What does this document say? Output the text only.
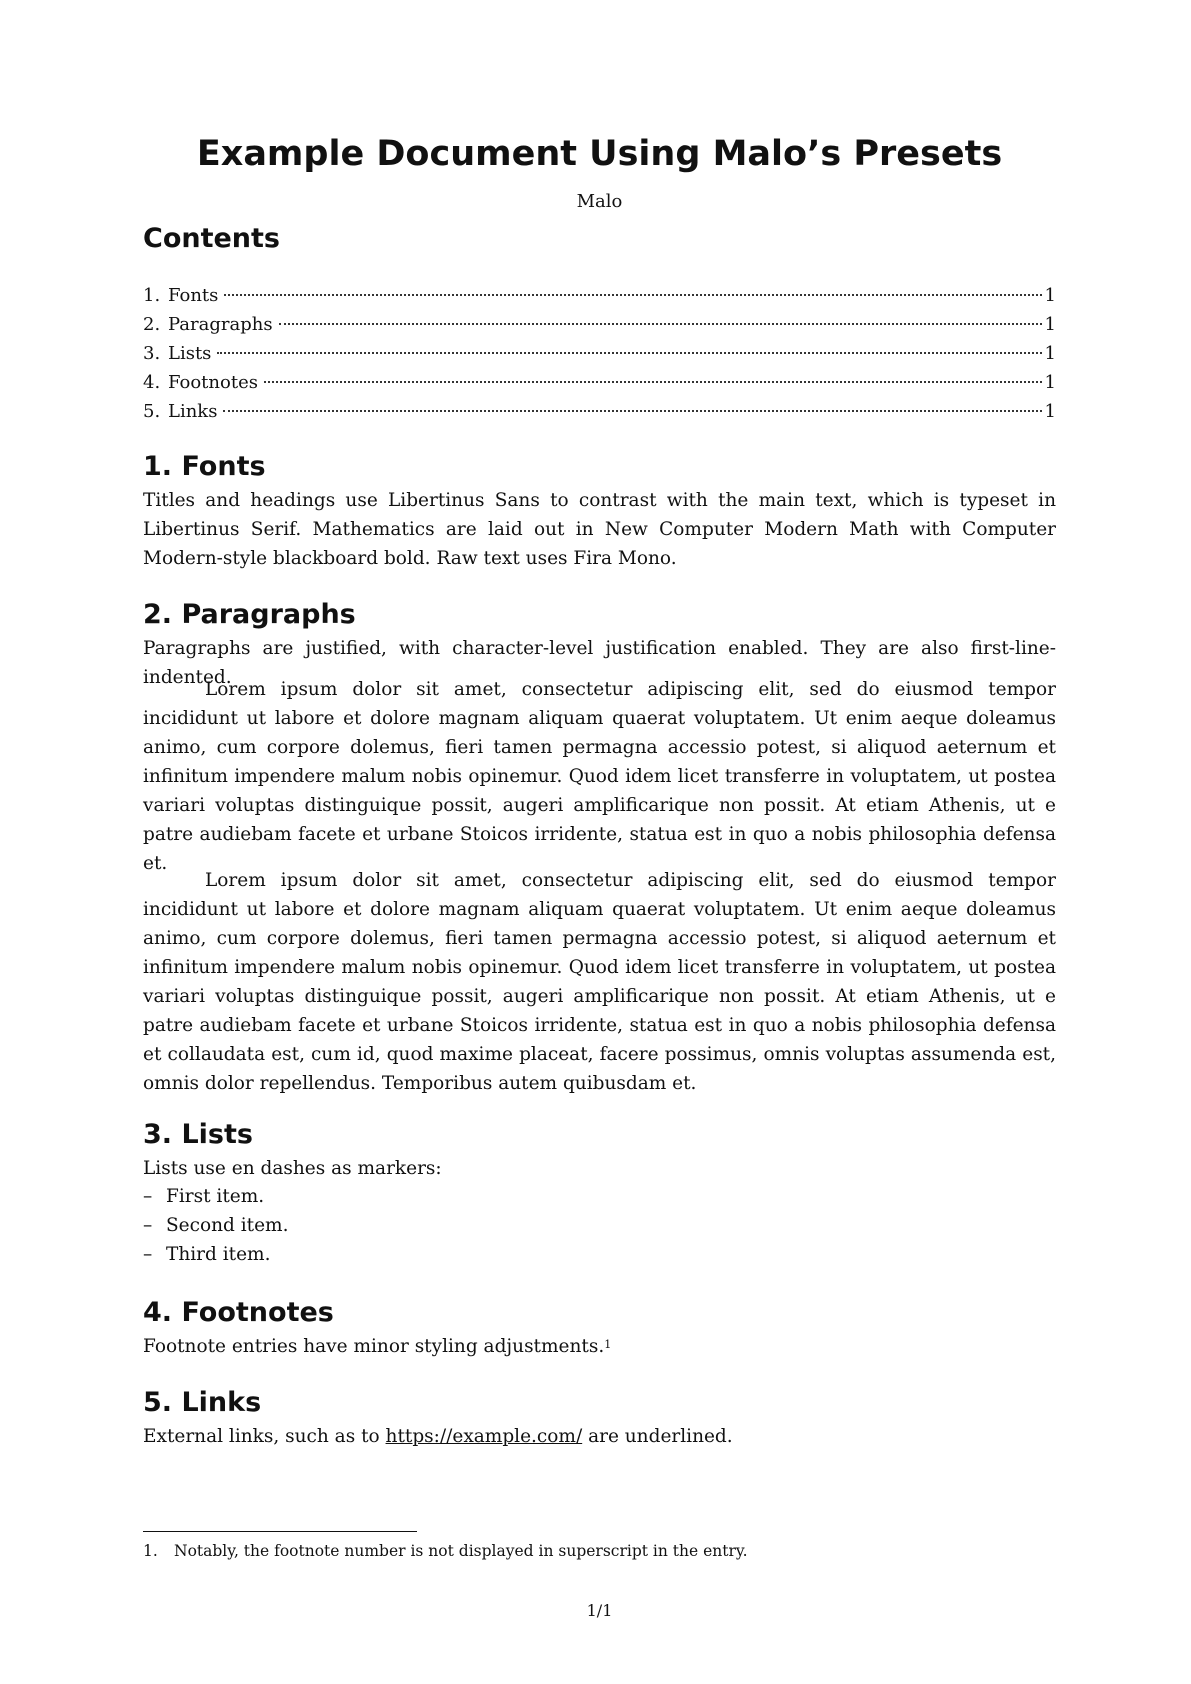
Example Document Using Malo’s Presets
Malo
Contents
1. Fonts	1
2. Paragraphs	1
3. Lists	1
4. Footnotes	1
5. Links	1
1. Fonts

Titles and headings use Libertinus Sans to contrast with the main text, which is typeset in Libertinus Serif. Mathematics are laid out in New Computer Modern Math with Computer Modern-style blackboard bold. Raw text uses Fira Mono.

2. Paragraphs

Paragraphs are justified, with character-level justification enabled. They are also first-line-indented.

Lorem ipsum dolor sit amet, consectetur adipiscing elit, sed do eiusmod tempor incididunt ut labore et dolore magnam aliquam quaerat voluptatem. Ut enim aeque doleamus animo, cum corpore dolemus, fieri tamen permagna accessio potest, si aliquod aeternum et infinitum impendere malum nobis opinemur. Quod idem licet transferre in voluptatem, ut postea variari voluptas distinguique possit, augeri amplificarique non possit. At etiam Athenis, ut e patre audiebam facete et urbane Stoicos irridente, statua est in quo a nobis philosophia defensa et.

Lorem ipsum dolor sit amet, consectetur adipiscing elit, sed do eiusmod tempor incididunt ut labore et dolore magnam aliquam quaerat voluptatem. Ut enim aeque doleamus animo, cum corpore dolemus, fieri tamen permagna accessio potest, si aliquod aeternum et infinitum impendere malum nobis opinemur. Quod idem licet transferre in voluptatem, ut postea variari voluptas distinguique possit, augeri amplificarique non possit. At etiam Athenis, ut e patre audiebam facete et urbane Stoicos irridente, statua est in quo a nobis philosophia defensa et collaudata est, cum id, quod maxime placeat, facere possimus, omnis voluptas assumenda est, omnis dolor repellendus. Temporibus autem quibusdam et.

3. Lists

Lists use en dashes as markers:

– First item.
– Second item.
– Third item.
4. Footnotes

Footnote entries have minor styling adjustments.$^1$

5. Links

External links, such as to https://example.com/ are underlined.

1.	Notably, the footnote number is not displayed in superscript in the entry.
1/1
